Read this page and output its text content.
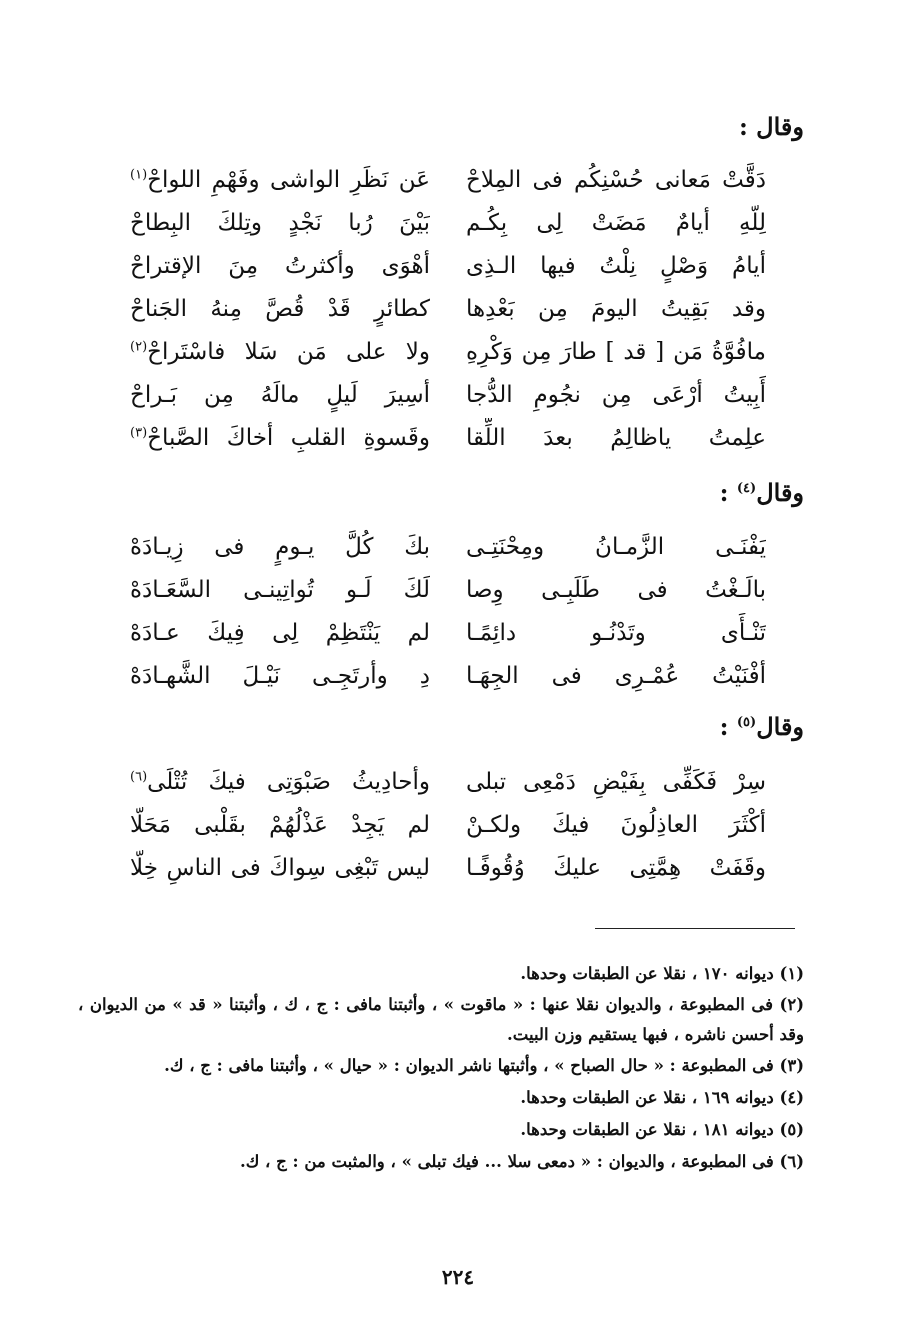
وقال :
دَقَّتْ مَعانى حُسْنِكُم فى المِلاحْ
عَن نَظَرِ الواشى وفَهْمِ اللواحْ$^{(١)}$
لِلّهِ أيامٌ مَضَتْ لِى بِكُـم
بَيْنَ رُبا نَجْدٍ وتِلكَ البِطاحْ
أيامُ وَصْلٍ نِلْتُ فيها الـذِى
أهْوَى وأكثرتُ مِنَ الإقتراحْ
وقد بَقِيتُ اليومَ مِن بَعْدِها
كطائرٍ قَدْ قُصَّ مِنهُ الجَناحْ
مافُوَّةُ مَن [ قد ] طارَ مِن وَكْرِهِ
ولا على مَن سَلا فاسْتَراحْ$^{(٢)}$
أَبِيتُ أرْعَى مِن نجُومِ الدُّجا
أسِيرَ لَيلٍ مالَهُ مِن بَـراحْ
علِمتُ ياظالِمُ بعدَ اللِّقا
وقَسوةِ القلبِ أخاكَ الصَّباحْ$^{(٣)}$
وقال$^{(٤)}$ :
يَفْنَـى الزَّمـانُ ومِحْنَتِـى
بكَ كُلَّ يـومٍ فى زِيـادَهْ
بالَـغْتُ فى طَلَبِـى وِصا
لَكَ لَـو تُواتِينـى السَّعَـادَهْ
تَنْـأَى وتَدْنُـو دائِمًـا
لم يَنْتَظِمْ لِى فِيكَ عـادَهْ
أفْنَيْتُ عُمْـرِى فى الجِهَـا
دِ وأرتَجِـى نَيْـلَ الشَّهـادَهْ
وقال$^{(٥)}$ :
سِرْ فَكَفِّى بِفَيْضِ دَمْعِى تبلى
وأحادِيثُ صَبْوَتِى فيكَ تُتْلَى$^{(٦)}$
أكْثَرَ العاذِلُونَ فيكَ ولكـنْ
لم يَجِدْ عَذْلُهُمْ بقَلْبى مَحَلّا
وقَفَتْ هِمَّتِى عليكَ وُقُوفًـا
ليس تَبْغِى سِواكَ فى الناسِ خِلّا
(١) ديوانه ١٧٠ ، نقلا عن الطبقات وحدها.
(٢) فى المطبوعة ، والديوان نقلا عنها : « ماقوت » ، وأثبتنا مافى : ج ، ك ، وأثبتنا « قد » من الديوان ، وقد أحسن ناشره ، فبها يستقيم وزن البيت.
(٣) فى المطبوعة : « حال الصباح » ، وأثبتها ناشر الديوان : « حيال » ، وأثبتنا مافى : ج ، ك.
(٤) ديوانه ١٦٩ ، نقلا عن الطبقات وحدها.
(٥) ديوانه ١٨١ ، نقلا عن الطبقات وحدها.
(٦) فى المطبوعة ، والديوان : « دمعى سلا ... فيك تبلى » ، والمثبت من : ج ، ك.
٢٢٤
